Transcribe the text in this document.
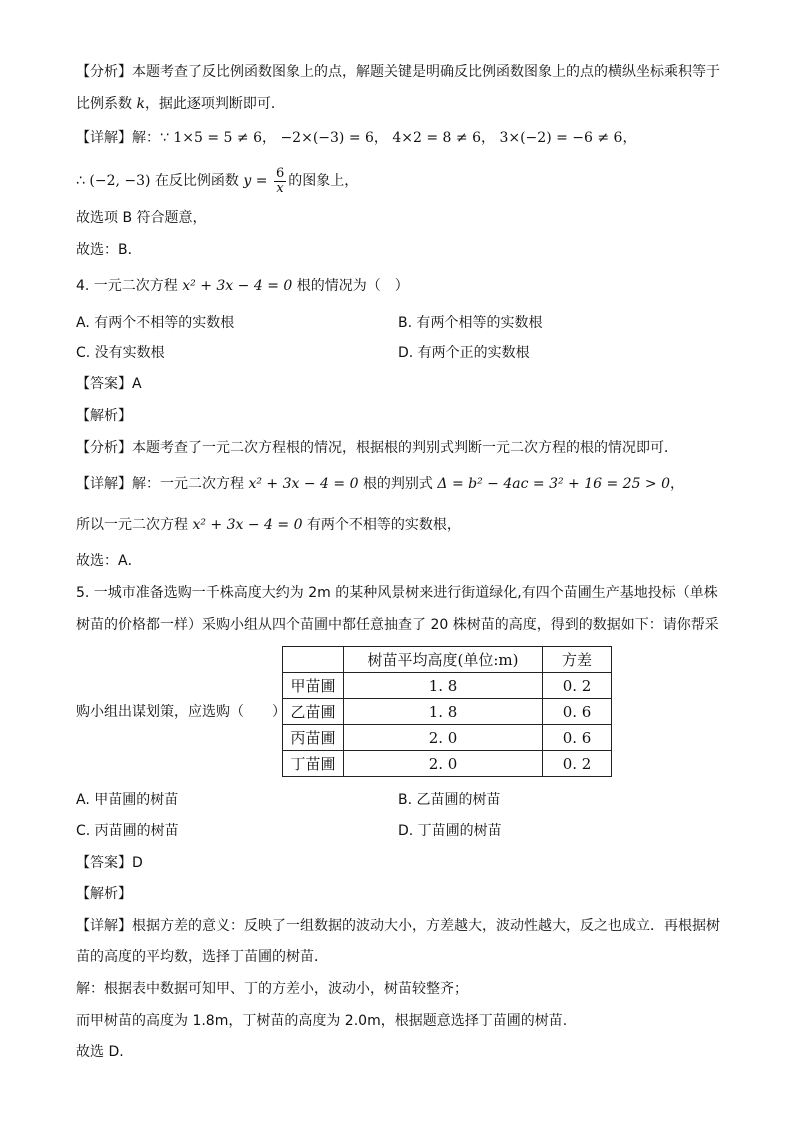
【分析】本题考查了反比例函数图象上的点，解题关键是明确反比例函数图象上的点的横纵坐标乘积等于
比例系数 k，据此逐项判断即可．
【详解】解：∵ 1×5 = 5 ≠ 6， −2×(−3) = 6， 4×2 = 8 ≠ 6， 3×(−2) = −6 ≠ 6，
∴ (−2, −3) 在反比例函数 $y = \frac{6}{x}$ 的图象上，
故选项 B 符合题意，
故选：B．
4. 一元二次方程 x² + 3x − 4 = 0 根的情况为（　）
A. 有两个不相等的实数根	B. 有两个相等的实数根
C. 没有实数根	D. 有两个正的实数根
【答案】A
【解析】
【分析】本题考查了一元二次方程根的情况，根据根的判别式判断一元二次方程的根的情况即可．
【详解】解：一元二次方程 x² + 3x − 4 = 0 根的判别式 Δ = b² − 4ac = 3² + 16 = 25 > 0，
所以一元二次方程 x² + 3x − 4 = 0 有两个不相等的实数根，
故选：A．
5. 一城市准备选购一千株高度大约为 2m 的某种风景树来进行街道绿化,有四个苗圃生产基地投标（单株
树苗的价格都一样）采购小组从四个苗圃中都任意抽查了 20 株树苗的高度，得到的数据如下：请你帮采
购小组出谋划策，应选购（　　）
	树苗平均高度(单位:m)	方差
甲苗圃	1. 8	0. 2
乙苗圃	1. 8	0. 6
丙苗圃	2. 0	0. 6
丁苗圃	2. 0	0. 2
A. 甲苗圃的树苗	B. 乙苗圃的树苗
C. 丙苗圃的树苗	D. 丁苗圃的树苗
【答案】D
【解析】
【详解】根据方差的意义：反映了一组数据的波动大小，方差越大，波动性越大，反之也成立．再根据树
苗的高度的平均数，选择丁苗圃的树苗．
解：根据表中数据可知甲、丁的方差小，波动小，树苗较整齐；
而甲树苗的高度为 1.8m，丁树苗的高度为 2.0m，根据题意选择丁苗圃的树苗.
故选 D.
